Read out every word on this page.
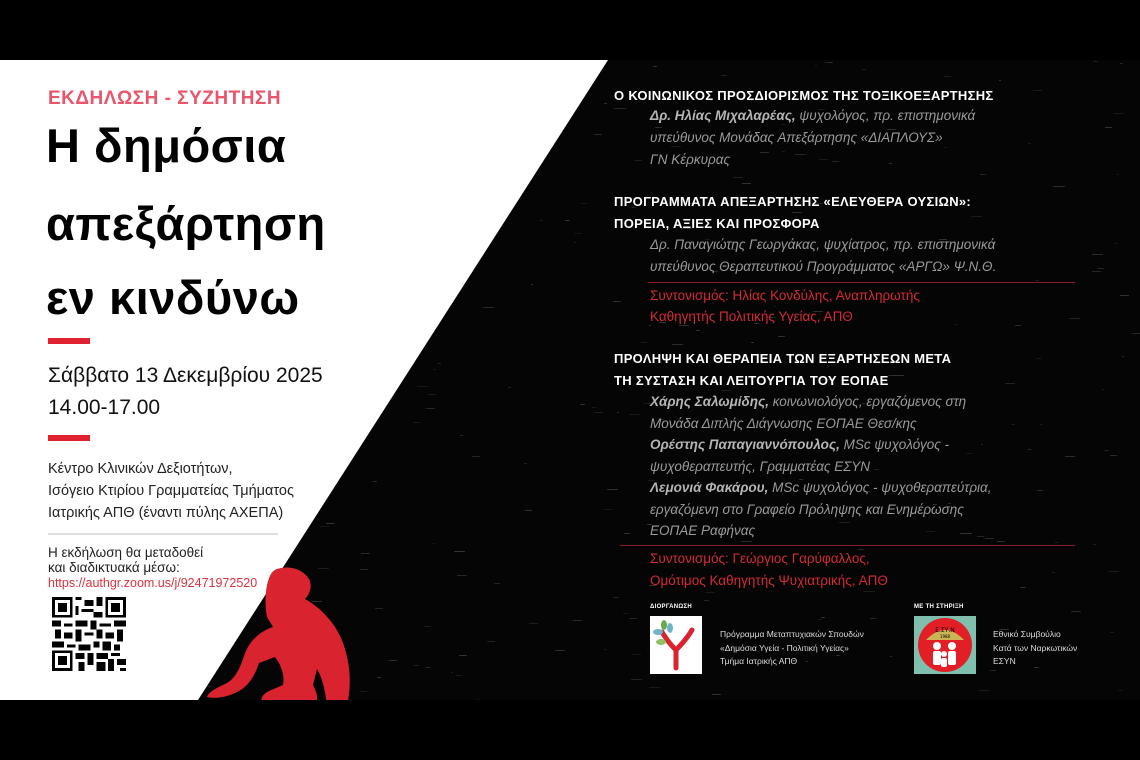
ΕΚΔΗΛΩΣΗ - ΣΥΖΗΤΗΣΗ
Η δημόσια
απεξάρτηση
εν κινδύνω
Σάββατο 13 Δεκεμβρίου 2025
14.00-17.00
Κέντρο Κλινικών Δεξιοτήτων,
Ισόγειο Κτιρίου Γραμματείας Τμήματος
Ιατρικής ΑΠΘ (έναντι πύλης ΑΧΕΠΑ)
Η εκδήλωση θα μεταδοθεί
και διαδικτυακά μέσω:
https://authgr.zoom.us/j/92471972520
Ο ΚΟΙΝΩΝΙΚΟΣ ΠΡΟΣΔΙΟΡΙΣΜΟΣ ΤΗΣ ΤΟΞΙΚΟΕΞΑΡΤΗΣΗΣ
Δρ. Ηλίας Μιχαλαρέας, ψυχολόγος, πρ. επιστημονικά
υπεύθυνος Μονάδας Απεξάρτησης «ΔΙΑΠΛΟΥΣ»
ΓΝ Κέρκυρας
ΠΡΟΓΡΑΜΜΑΤΑ ΑΠΕΞΑΡΤΗΣΗΣ «ΕΛΕΥΘΕΡΑ ΟΥΣΙΩΝ»:
ΠΟΡΕΙΑ, ΑΞΙΕΣ ΚΑΙ ΠΡΟΣΦΟΡΑ
Δρ. Παναγιώτης Γεωργάκας, ψυχίατρος, πρ. επιστημονικά
υπεύθυνος Θεραπευτικού Προγράμματος «ΑΡΓΩ» Ψ.Ν.Θ.
Συντονισμός: Ηλίας Κονδύλης, Αναπληρωτής
Καθηγητής Πολιτικής Υγείας, ΑΠΘ
ΠΡΟΛΗΨΗ ΚΑΙ ΘΕΡΑΠΕΙΑ ΤΩΝ ΕΞΑΡΤΗΣΕΩΝ ΜΕΤΑ
ΤΗ ΣΥΣΤΑΣΗ ΚΑΙ ΛΕΙΤΟΥΡΓΙΑ ΤΟΥ ΕΟΠΑΕ
Χάρης Σαλωμίδης, κοινωνιολόγος, εργαζόμενος στη
Μονάδα Διπλής Διάγνωσης ΕΟΠΑΕ Θεσ/κης
Ορέστης Παπαγιαννόπουλος, MSc ψυχολόγος -
ψυχοθεραπευτής, Γραμματέας ΕΣΥΝ
Λεμονιά Φακάρου, MSc ψυχολόγος - ψυχοθεραπεύτρια,
εργαζόμενη στο Γραφείο Πρόληψης και Ενημέρωσης
ΕΟΠΑΕ Ραφήνας
Συντονισμός: Γεώργιος Γαρύφαλλος,
Ομότιμος Καθηγητής Ψυχιατρικής, ΑΠΘ
ΔΙΟΡΓΑΝΩΣΗ
Πρόγραμμα Μεταπτυχιακών Σπουδών
«Δημόσια Υγεία - Πολιτική Υγείας»
Τμήμα Ιατρικής ΑΠΘ
ΜΕ ΤΗ ΣΤΗΡΙΞΗ
Ε.ΣΥ.Ν
1988	Εθνικό Συμβούλιο
Κατά των Ναρκωτικών
ΕΣΥΝ
